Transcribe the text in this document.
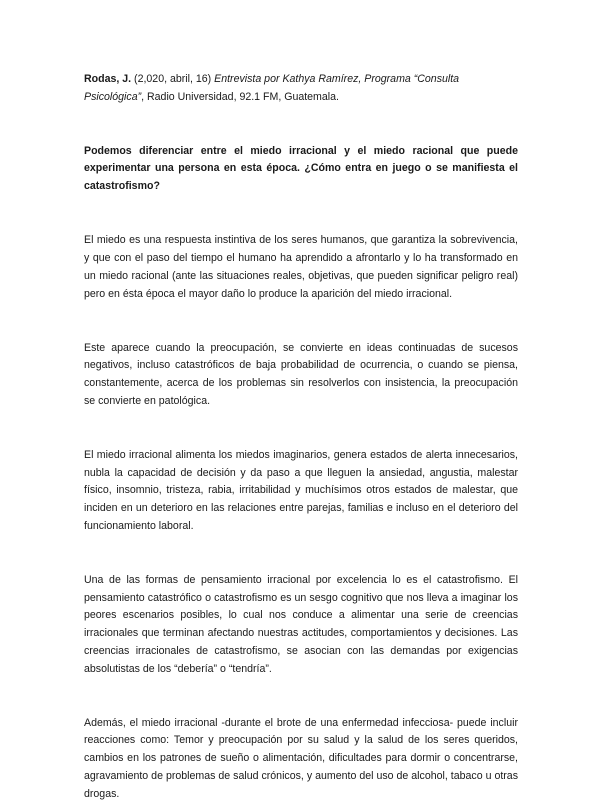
Rodas, J. (2,020, abril, 16) Entrevista por Kathya Ramírez, Programa “Consulta Psicológica”, Radio Universidad, 92.1 FM, Guatemala.

Podemos diferenciar entre el miedo irracional y el miedo racional que puede experimentar una persona en esta época. ¿Cómo entra en juego o se manifiesta el catastrofismo?

El miedo es una respuesta instintiva de los seres humanos, que garantiza la sobrevivencia, y que con el paso del tiempo el humano ha aprendido a afrontarlo y lo ha transformado en un miedo racional (ante las situaciones reales, objetivas, que pueden significar peligro real) pero en ésta época el mayor daño lo produce la aparición del miedo irracional.

Este aparece cuando la preocupación, se convierte en ideas continuadas de sucesos negativos, incluso catastróficos de baja probabilidad de ocurrencia, o cuando se piensa, constantemente, acerca de los problemas sin resolverlos con insistencia, la preocupación se convierte en patológica.

El miedo irracional alimenta los miedos imaginarios, genera estados de alerta innecesarios, nubla la capacidad de decisión y da paso a que lleguen la ansiedad, angustia, malestar físico, insomnio, tristeza, rabia, irritabilidad y muchísimos otros estados de malestar, que inciden en un deterioro en las relaciones entre parejas, familias e incluso en el deterioro del funcionamiento laboral.

Una de las formas de pensamiento irracional por excelencia lo es el catastrofismo. El pensamiento catastrófico o catastrofismo es un sesgo cognitivo que nos lleva a imaginar los peores escenarios posibles, lo cual nos conduce a alimentar una serie de creencias irracionales que terminan afectando nuestras actitudes, comportamientos y decisiones. Las creencias irracionales de catastrofismo, se asocian con las demandas por exigencias absolutistas de los “debería” o “tendría”.

Además, el miedo irracional -durante el brote de una enfermedad infecciosa- puede incluir reacciones como: Temor y preocupación por su salud y la salud de los seres queridos, cambios en los patrones de sueño o alimentación, dificultades para dormir o concentrarse, agravamiento de problemas de salud crónicos, y aumento del uso de alcohol, tabaco u otras drogas.
